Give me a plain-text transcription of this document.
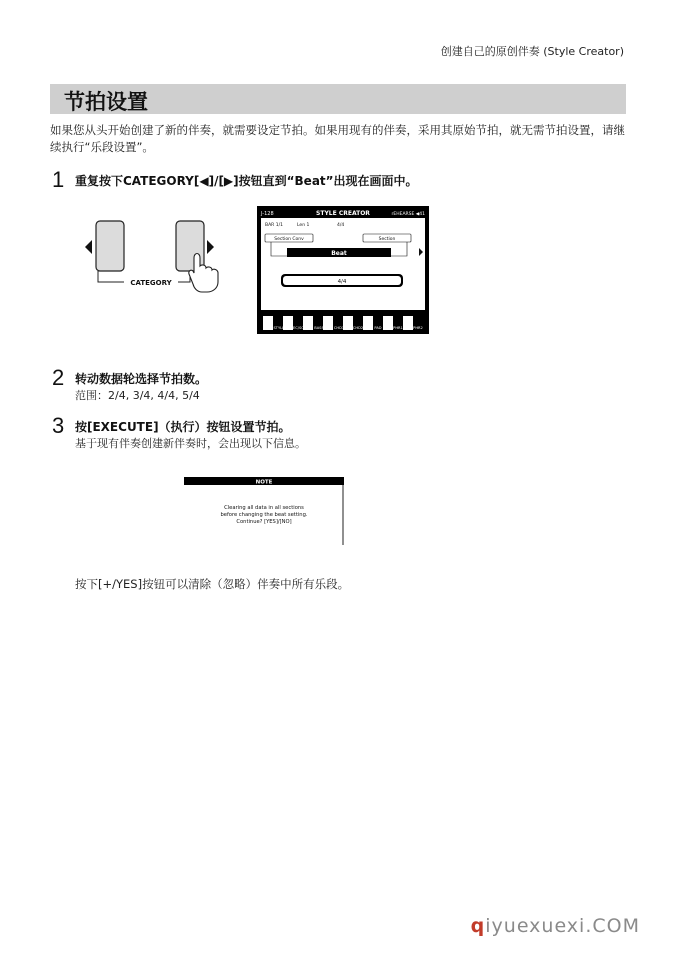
创建自己的原创伴奏 (Style Creator)
节拍设置
如果您从头开始创建了新的伴奏，就需要设定节拍。如果用现有的伴奏，采用其原始节拍，就无需节拍设置，请继续执行“乐段设置”。
1 重复按下CATEGORY[◀]/[▶]按钮直到“Beat”出现在画面中。
CATEGORY
J-128	STYLE CREATOR	rEHEARSE ◀41
BAR 1/1	Len 1	4/4
Section Conv	Section
Beat
4/4
STYLE REC/SONG BASS	CHD1 CHD2	PAD	PHR1	PHR2
2 转动数据轮选择节拍数。
范围：2/4, 3/4, 4/4, 5/4
3 按[EXECUTE]（执行）按钮设置节拍。
基于现有伴奏创建新伴奏时，会出现以下信息。
NOTE
Clearing all data in all sections
before changing the beat setting.
Continue? [YES]/[NO]
按下[+/YES]按钮可以清除（忽略）伴奏中所有乐段。
qiyuexuexi.COM
